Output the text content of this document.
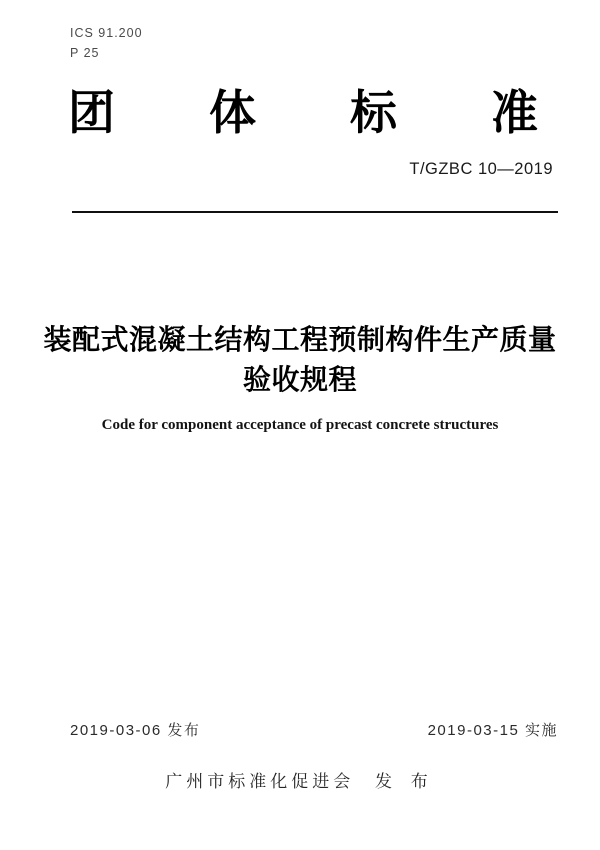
ICS 91.200
P 25
团 体 标 准
T/GZBC 10—2019
装配式混凝土结构工程预制构件生产质量
验收规程
Code for component acceptance of precast concrete structures
2019-03-06 发布	2019-03-15 实施
广州市标准化促进会 发 布
